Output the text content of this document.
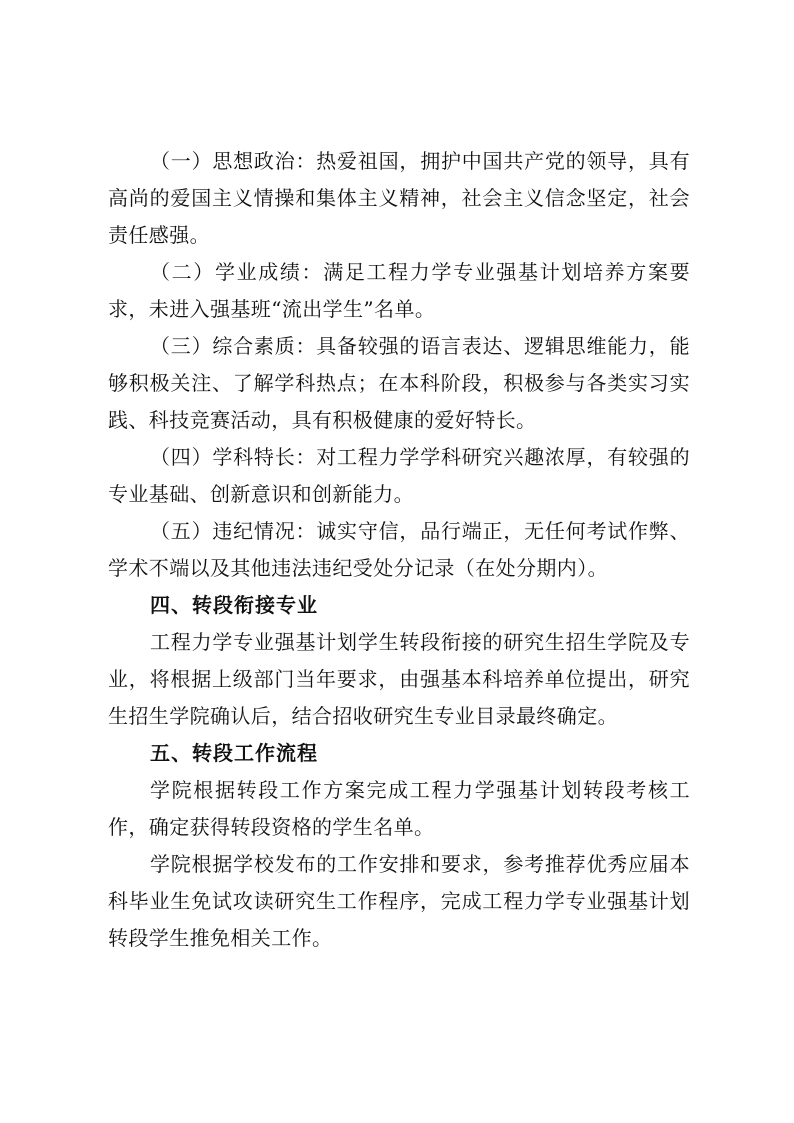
（一）思想政治：热爱祖国，拥护中国共产党的领导，具有高尚的爱国主义情操和集体主义精神，社会主义信念坚定，社会责任感强。

（二）学业成绩：满足工程力学专业强基计划培养方案要求，未进入强基班“流出学生”名单。

（三）综合素质：具备较强的语言表达、逻辑思维能力，能够积极关注、了解学科热点；在本科阶段，积极参与各类实习实践、科技竞赛活动，具有积极健康的爱好特长。

（四）学科特长：对工程力学学科研究兴趣浓厚，有较强的专业基础、创新意识和创新能力。

（五）违纪情况：诚实守信，品行端正，无任何考试作弊、学术不端以及其他违法违纪受处分记录（在处分期内）。

四、转段衔接专业

工程力学专业强基计划学生转段衔接的研究生招生学院及专业，将根据上级部门当年要求，由强基本科培养单位提出，研究生招生学院确认后，结合招收研究生专业目录最终确定。

五、转段工作流程

学院根据转段工作方案完成工程力学强基计划转段考核工作，确定获得转段资格的学生名单。

学院根据学校发布的工作安排和要求，参考推荐优秀应届本科毕业生免试攻读研究生工作程序，完成工程力学专业强基计划转段学生推免相关工作。
